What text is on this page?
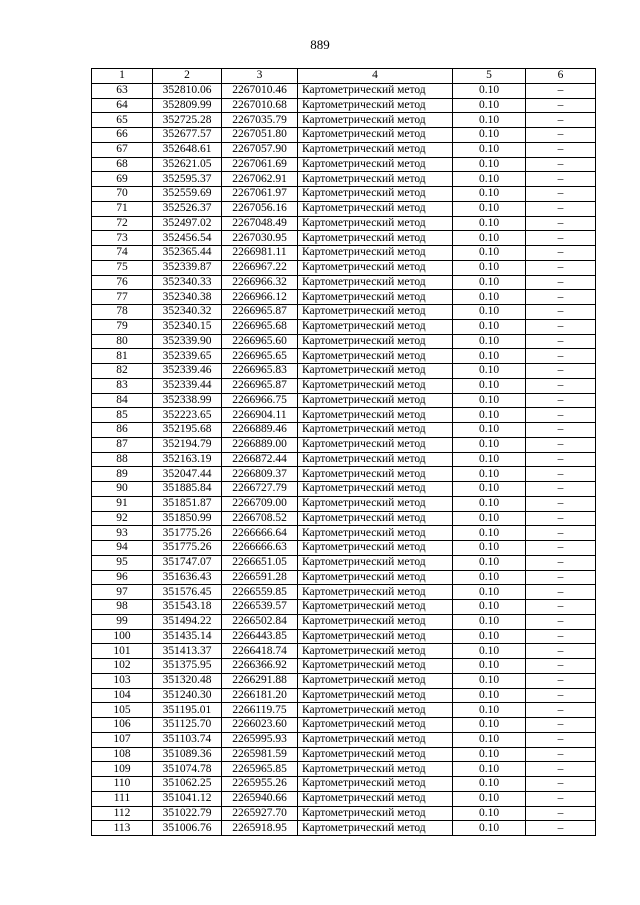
889
1	2	3	4	5	6
63	352810.06	2267010.46	Картометрический метод	0.10	–
64	352809.99	2267010.68	Картометрический метод	0.10	–
65	352725.28	2267035.79	Картометрический метод	0.10	–
66	352677.57	2267051.80	Картометрический метод	0.10	–
67	352648.61	2267057.90	Картометрический метод	0.10	–
68	352621.05	2267061.69	Картометрический метод	0.10	–
69	352595.37	2267062.91	Картометрический метод	0.10	–
70	352559.69	2267061.97	Картометрический метод	0.10	–
71	352526.37	2267056.16	Картометрический метод	0.10	–
72	352497.02	2267048.49	Картометрический метод	0.10	–
73	352456.54	2267030.95	Картометрический метод	0.10	–
74	352365.44	2266981.11	Картометрический метод	0.10	–
75	352339.87	2266967.22	Картометрический метод	0.10	–
76	352340.33	2266966.32	Картометрический метод	0.10	–
77	352340.38	2266966.12	Картометрический метод	0.10	–
78	352340.32	2266965.87	Картометрический метод	0.10	–
79	352340.15	2266965.68	Картометрический метод	0.10	–
80	352339.90	2266965.60	Картометрический метод	0.10	–
81	352339.65	2266965.65	Картометрический метод	0.10	–
82	352339.46	2266965.83	Картометрический метод	0.10	–
83	352339.44	2266965.87	Картометрический метод	0.10	–
84	352338.99	2266966.75	Картометрический метод	0.10	–
85	352223.65	2266904.11	Картометрический метод	0.10	–
86	352195.68	2266889.46	Картометрический метод	0.10	–
87	352194.79	2266889.00	Картометрический метод	0.10	–
88	352163.19	2266872.44	Картометрический метод	0.10	–
89	352047.44	2266809.37	Картометрический метод	0.10	–
90	351885.84	2266727.79	Картометрический метод	0.10	–
91	351851.87	2266709.00	Картометрический метод	0.10	–
92	351850.99	2266708.52	Картометрический метод	0.10	–
93	351775.26	2266666.64	Картометрический метод	0.10	–
94	351775.26	2266666.63	Картометрический метод	0.10	–
95	351747.07	2266651.05	Картометрический метод	0.10	–
96	351636.43	2266591.28	Картометрический метод	0.10	–
97	351576.45	2266559.85	Картометрический метод	0.10	–
98	351543.18	2266539.57	Картометрический метод	0.10	–
99	351494.22	2266502.84	Картометрический метод	0.10	–
100	351435.14	2266443.85	Картометрический метод	0.10	–
101	351413.37	2266418.74	Картометрический метод	0.10	–
102	351375.95	2266366.92	Картометрический метод	0.10	–
103	351320.48	2266291.88	Картометрический метод	0.10	–
104	351240.30	2266181.20	Картометрический метод	0.10	–
105	351195.01	2266119.75	Картометрический метод	0.10	–
106	351125.70	2266023.60	Картометрический метод	0.10	–
107	351103.74	2265995.93	Картометрический метод	0.10	–
108	351089.36	2265981.59	Картометрический метод	0.10	–
109	351074.78	2265965.85	Картометрический метод	0.10	–
110	351062.25	2265955.26	Картометрический метод	0.10	–
111	351041.12	2265940.66	Картометрический метод	0.10	–
112	351022.79	2265927.70	Картометрический метод	0.10	–
113	351006.76	2265918.95	Картометрический метод	0.10	–
